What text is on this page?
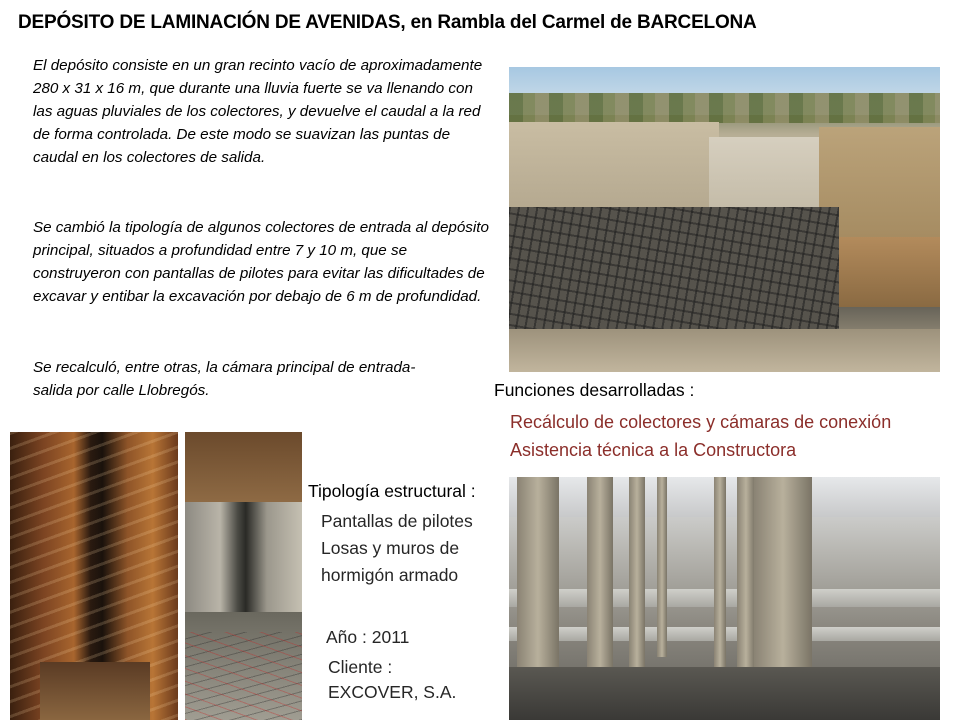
DEPÓSITO DE LAMINACIÓN DE AVENIDAS, en Rambla del Carmel de BARCELONA

El depósito consiste en un gran recinto vacío de aproximadamente 280 x 31 x 16 m, que durante una lluvia fuerte se va llenando con las aguas pluviales de los colectores, y devuelve el caudal a la red de forma controlada. De este modo se suavizan las puntas de caudal en los colectores de salida.

Se cambió la tipología de algunos colectores de entrada al depósito principal, situados a profundidad entre 7 y 10 m, que se construyeron con pantallas de pilotes para evitar las dificultades de excavar y entibar la excavación por debajo de 6 m de profundidad.

Se recalculó, entre otras, la cámara principal de entrada-salida por calle Llobregós.	Funciones desarrolladas :
Recálculo de colectores y cámaras de conexión
Asistencia técnica a la Constructora
Tipología estructural :
Pantallas de pilotes
Losas y muros de
hormigón armado
Año : 2011
Cliente :
EXCOVER, S.A.
